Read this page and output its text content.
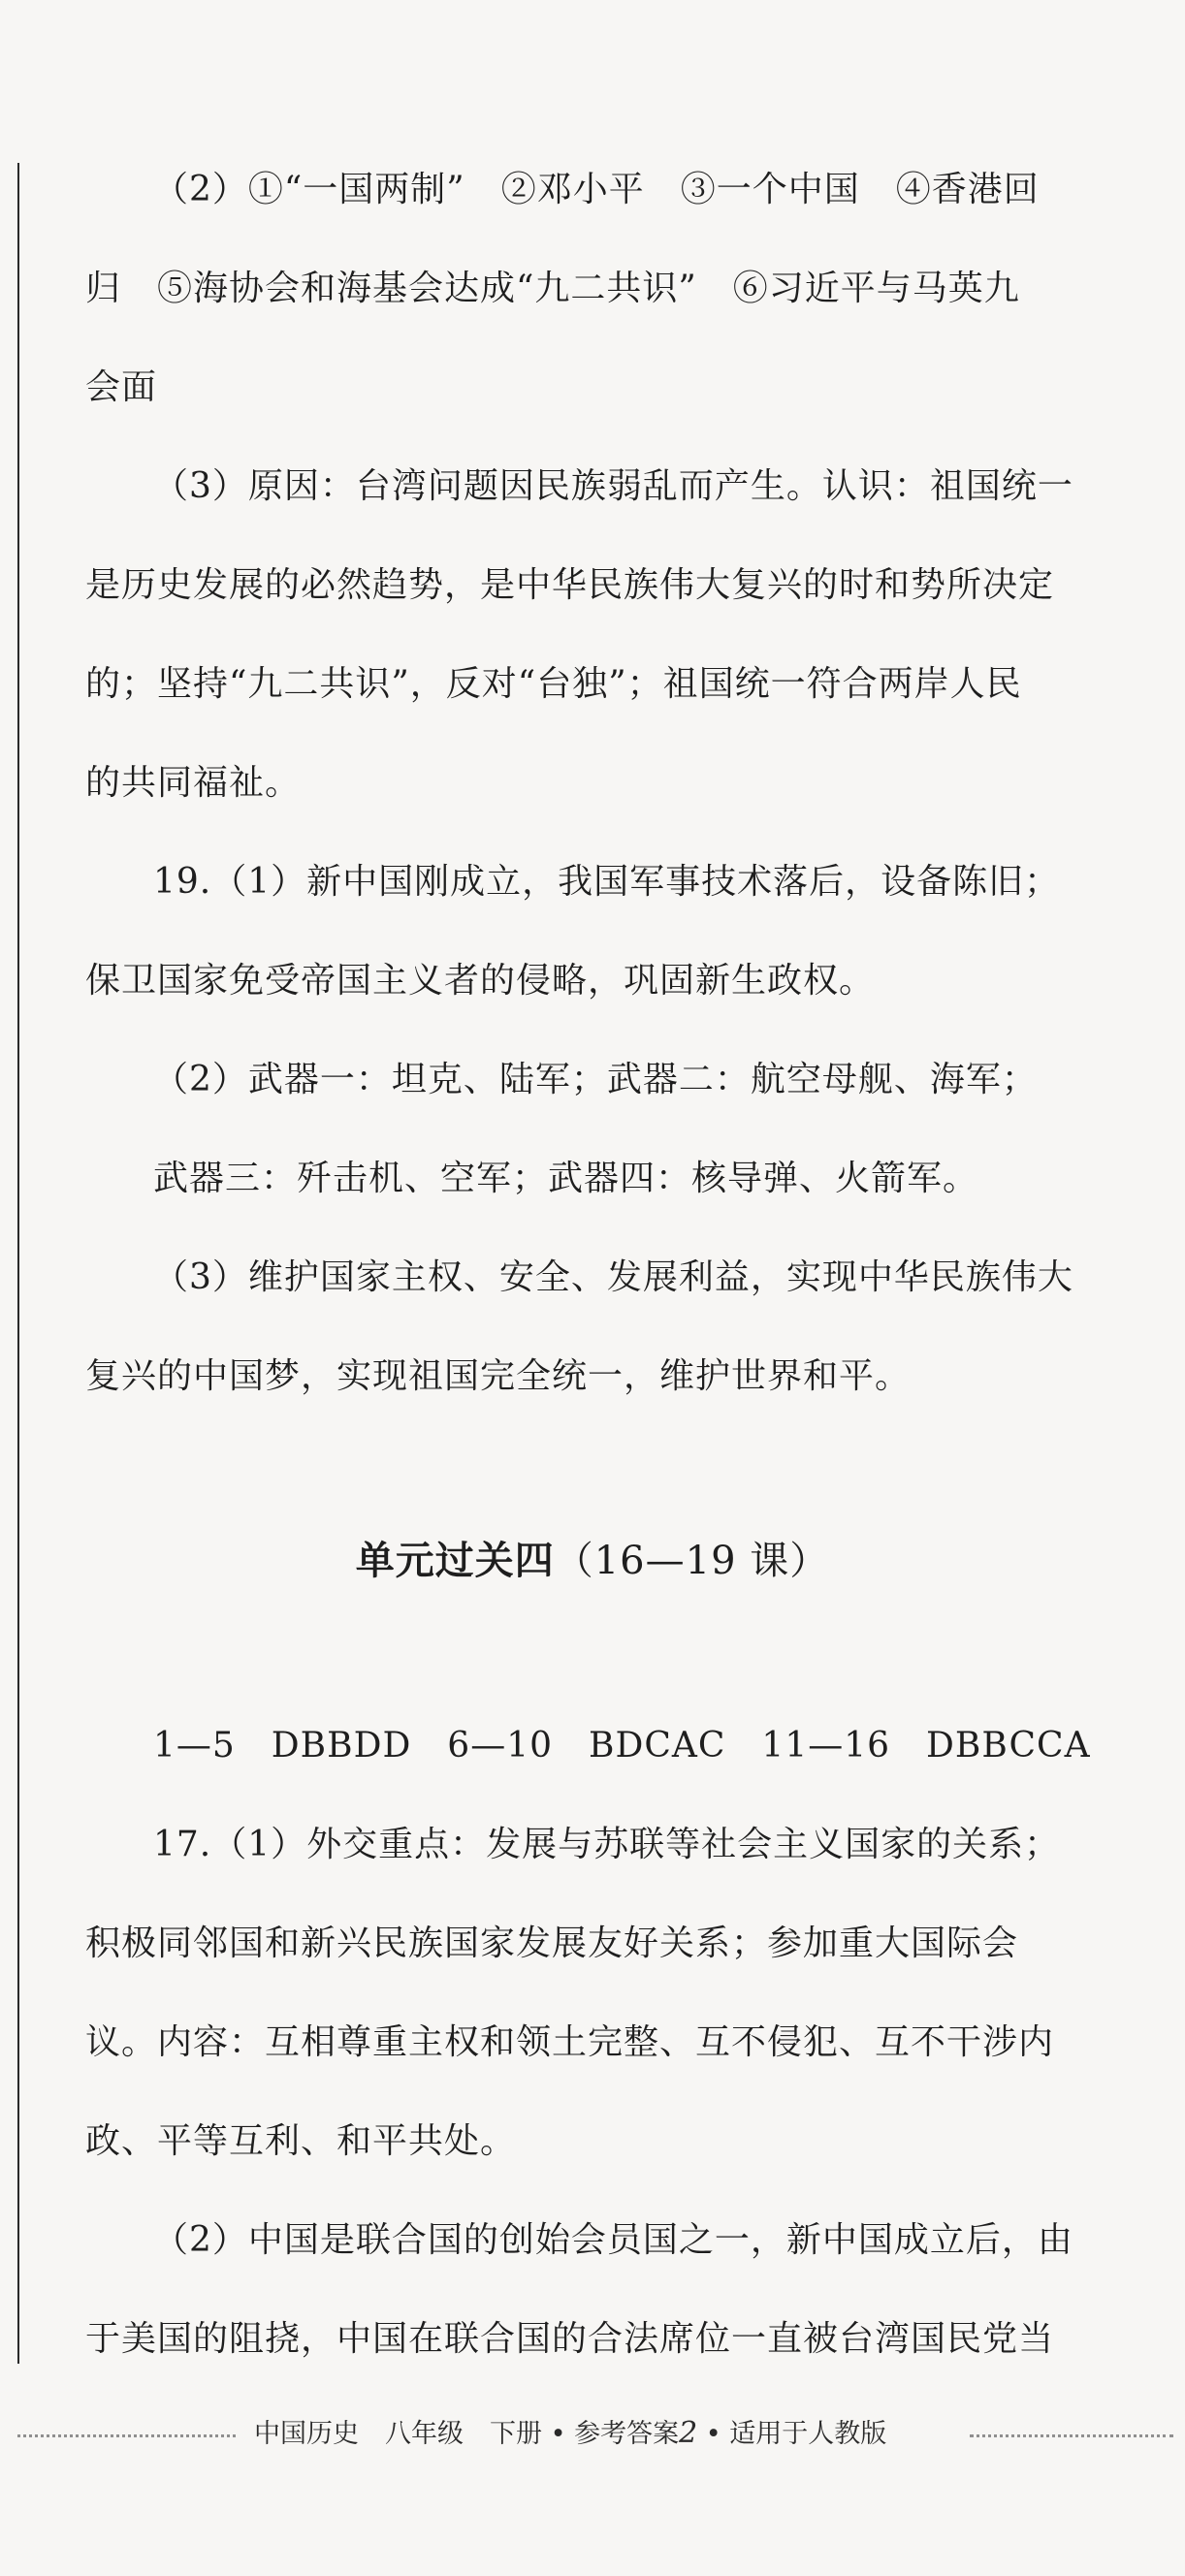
（2）①“一国两制”　②邓小平　③一个中国　④香港回
归　⑤海协会和海基会达成“九二共识”　⑥习近平与马英九
会面
（3）原因：台湾问题因民族弱乱而产生。认识：祖国统一
是历史发展的必然趋势，是中华民族伟大复兴的时和势所决定
的；坚持“九二共识”，反对“台独”；祖国统一符合两岸人民
的共同福祉。
19.（1）新中国刚成立，我国军事技术落后，设备陈旧；
保卫国家免受帝国主义者的侵略，巩固新生政权。
（2）武器一：坦克、陆军；武器二：航空母舰、海军；
武器三：歼击机、空军；武器四：核导弹、火箭军。
（3）维护国家主权、安全、发展利益，实现中华民族伟大
复兴的中国梦，实现祖国完全统一，维护世界和平。
单元过关四（16—19 课）
1—5　DBBDD　6—10　BDCAC　11—16　DBBCCA
17.（1）外交重点：发展与苏联等社会主义国家的关系；
积极同邻国和新兴民族国家发展友好关系；参加重大国际会
议。内容：互相尊重主权和领土完整、互不侵犯、互不干涉内
政、平等互利、和平共处。
（2）中国是联合国的创始会员国之一，新中国成立后，由
于美国的阻挠，中国在联合国的合法席位一直被台湾国民党当
中国历史　八年级　下册 • 参考答案2 • 适用于人教版
